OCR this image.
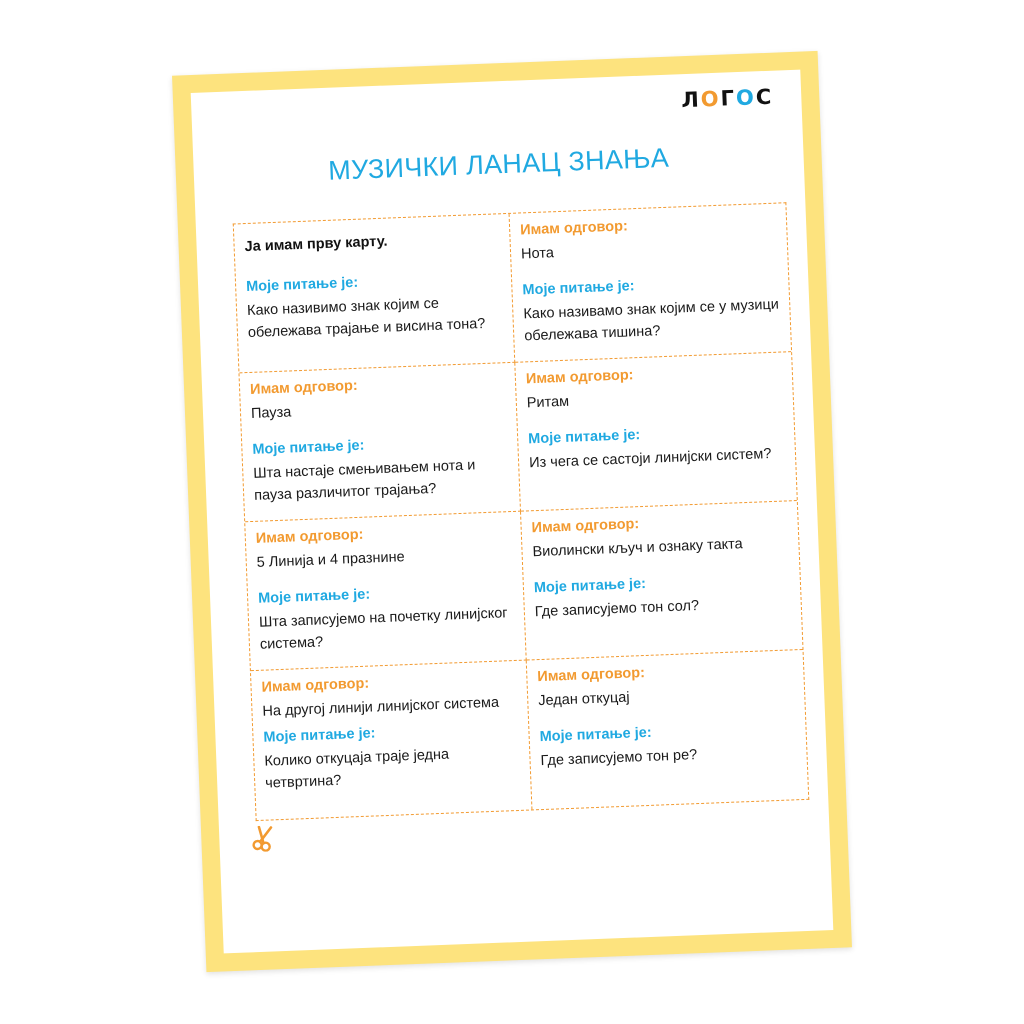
ЛОГОС
МУЗИЧКИ ЛАНАЦ ЗНАЊА
Ја имам прву карту.
Моје питање је:
Како називимо знак којим се обележава трајање и висина тона?
Имам одговор:
Нота
Моје питање је:
Како називамо знак којим се у музици обележава тишина?
Имам одговор:
Пауза
Моје питање је:
Шта настаје смењивањем нота и пауза различитог трајања?
Имам одговор:
Ритам
Моје питање је:
Из чега се састоји линијски систем?
Имам одговор:
5 Линија и 4 празнине
Моје питање је:
Шта записујемо на почетку линијског система?
Имам одговор:
Виолински кључ и ознаку такта
Моје питање је:
Где записујемо тон сол?
Имам одговор:
На другој линији линијског система
Моје питање је:
Колико откуцаја траје једна четвртина?
Имам одговор:
Један откуцај
Моје питање је:
Где записујемо тон ре?
